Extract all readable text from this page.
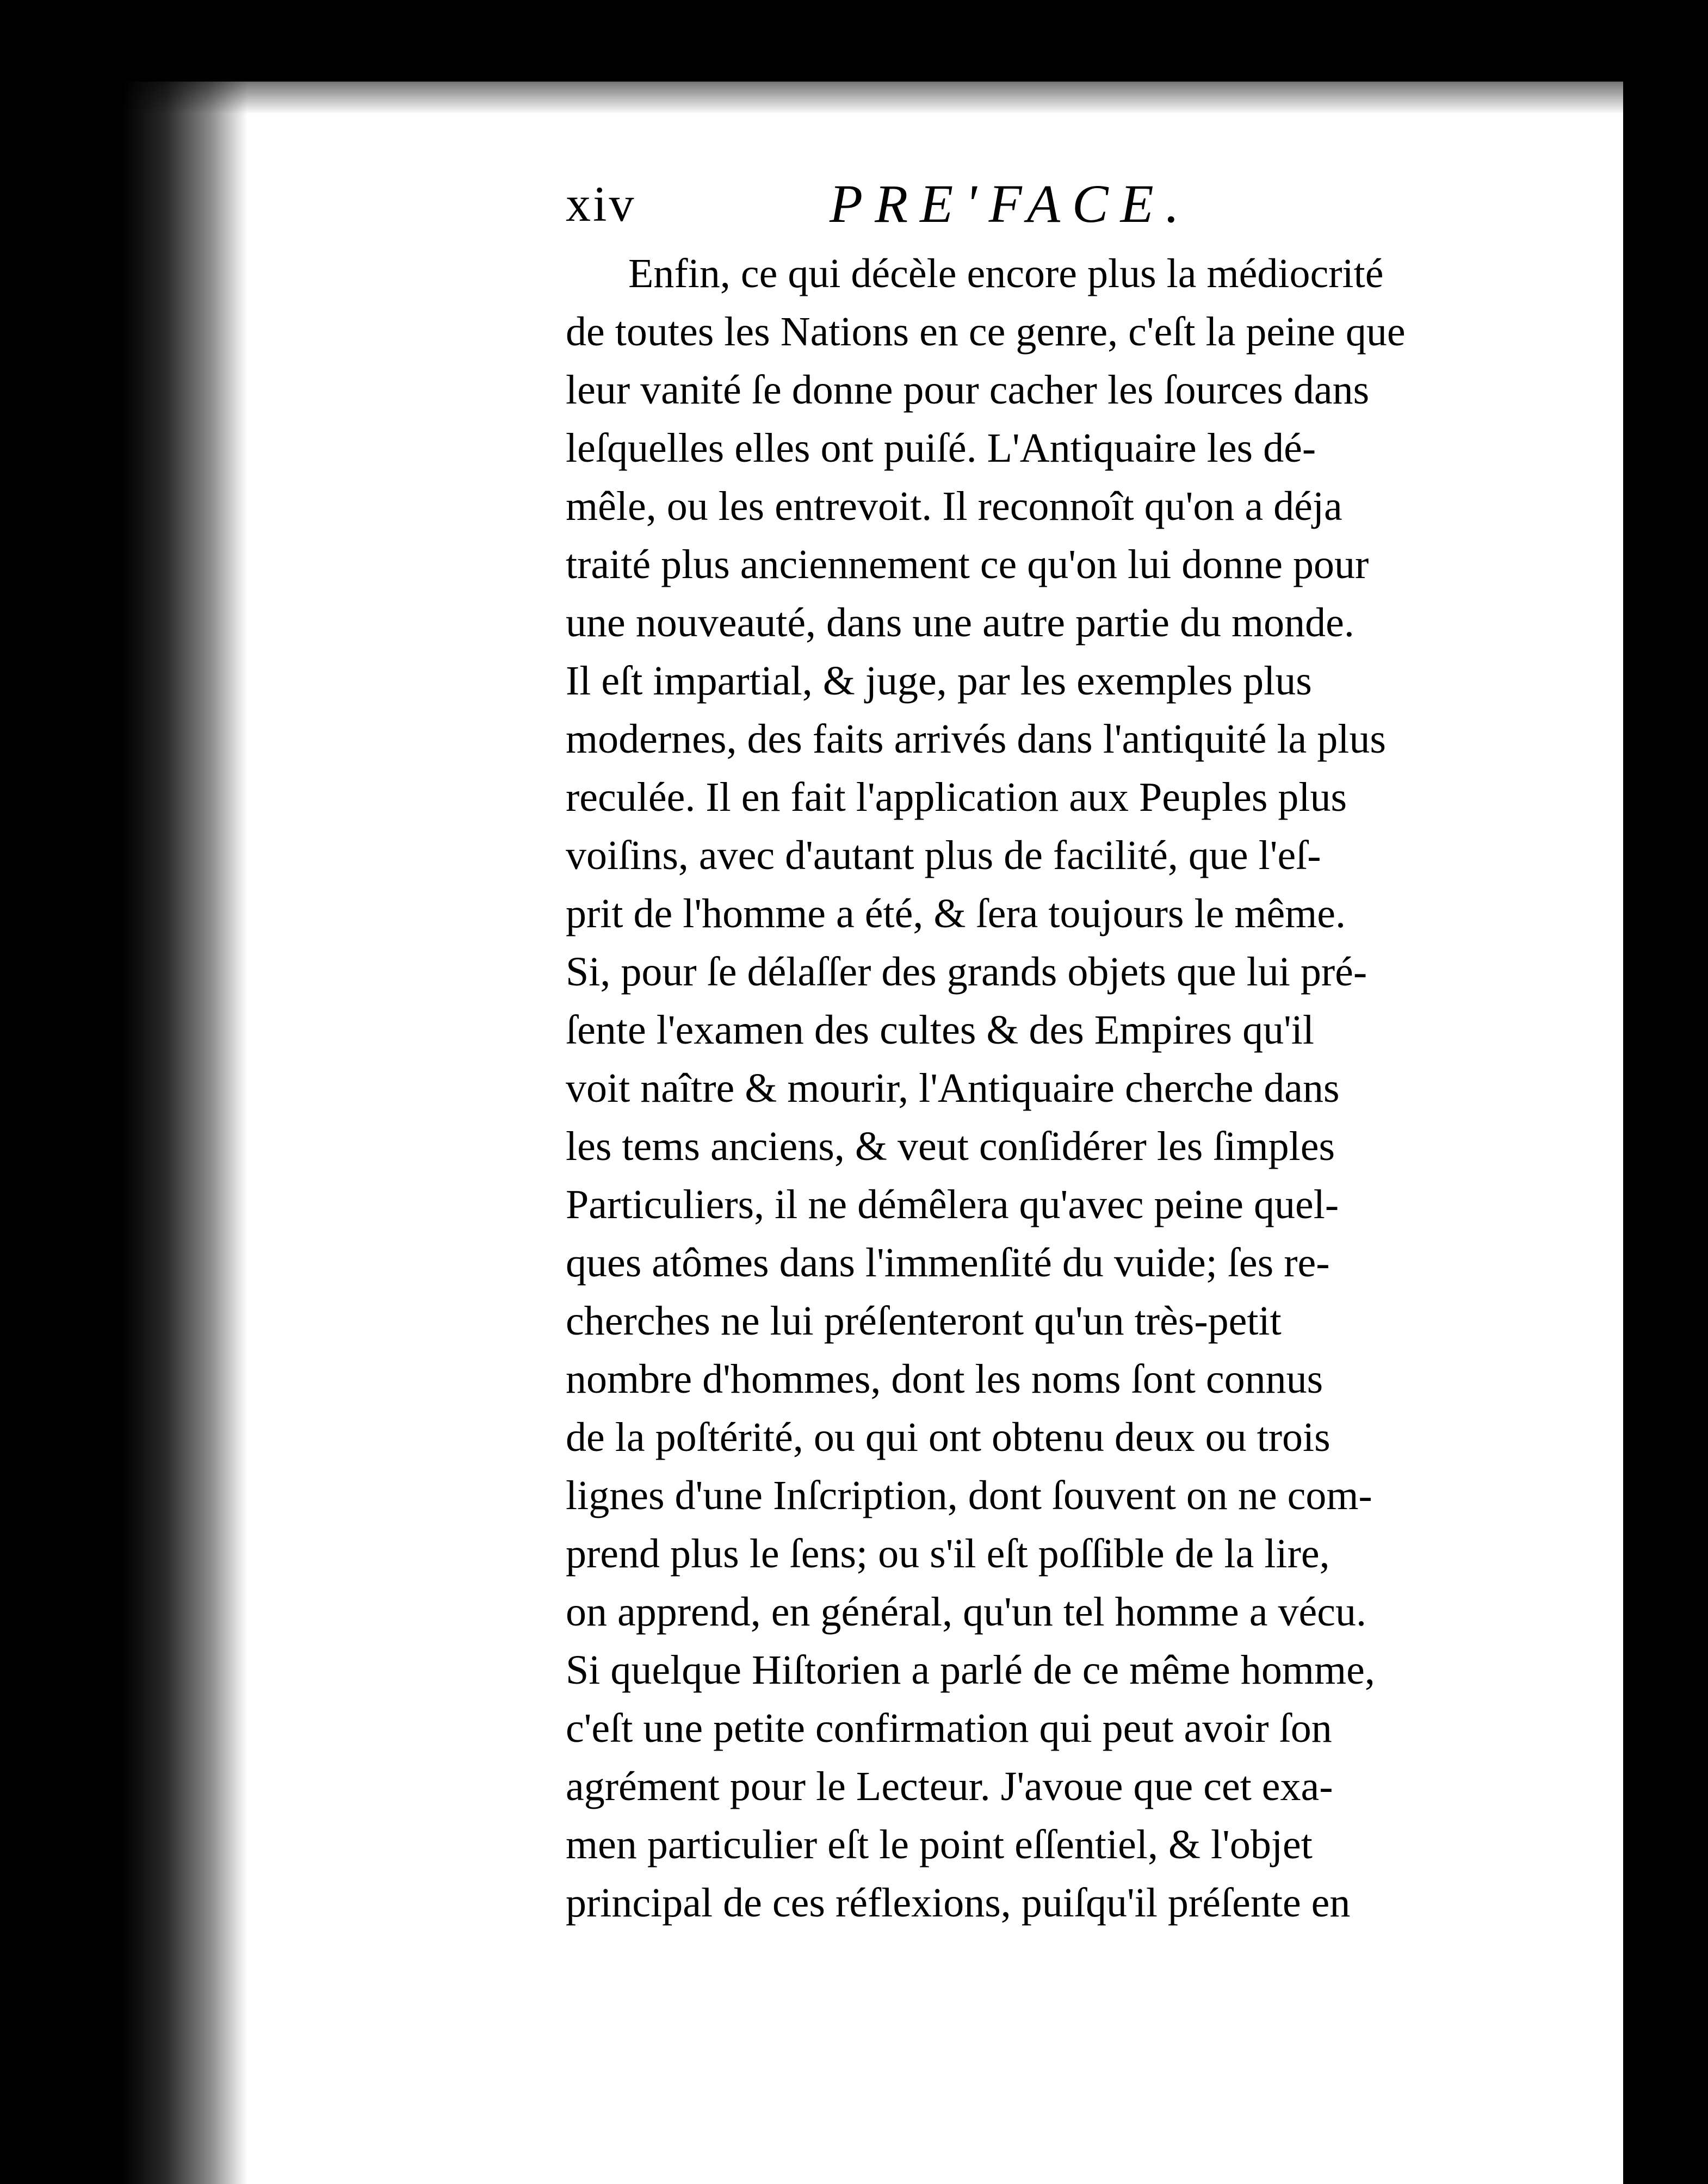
xiv	PRE'FACE.
Enfin, ce qui décèle encore plus la médiocrité
de toutes les Nations en ce genre, c'eſt la peine que
leur vanité ſe donne pour cacher les ſources dans
leſquelles elles ont puiſé. L'Antiquaire les dé-
mêle, ou les entrevoit. Il reconnoît qu'on a déja
traité plus anciennement ce qu'on lui donne pour
une nouveauté, dans une autre partie du monde.
Il eſt impartial, & juge, par les exemples plus
modernes, des faits arrivés dans l'antiquité la plus
reculée. Il en fait l'application aux Peuples plus
voiſins, avec d'autant plus de facilité, que l'eſ-
prit de l'homme a été, & ſera toujours le même.
Si, pour ſe délaſſer des grands objets que lui pré-
ſente l'examen des cultes & des Empires qu'il
voit naître & mourir, l'Antiquaire cherche dans
les tems anciens, & veut conſidérer les ſimples
Particuliers, il ne démêlera qu'avec peine quel-
ques atômes dans l'immenſité du vuide; ſes re-
cherches ne lui préſenteront qu'un très-petit
nombre d'hommes, dont les noms ſont connus
de la poſtérité, ou qui ont obtenu deux ou trois
lignes d'une Inſcription, dont ſouvent on ne com-
prend plus le ſens; ou s'il eſt poſſible de la lire,
on apprend, en général, qu'un tel homme a vécu.
Si quelque Hiſtorien a parlé de ce même homme,
c'eſt une petite confirmation qui peut avoir ſon
agrément pour le Lecteur. J'avoue que cet exa-
men particulier eſt le point eſſentiel, & l'objet
principal de ces réflexions, puiſqu'il préſente en
